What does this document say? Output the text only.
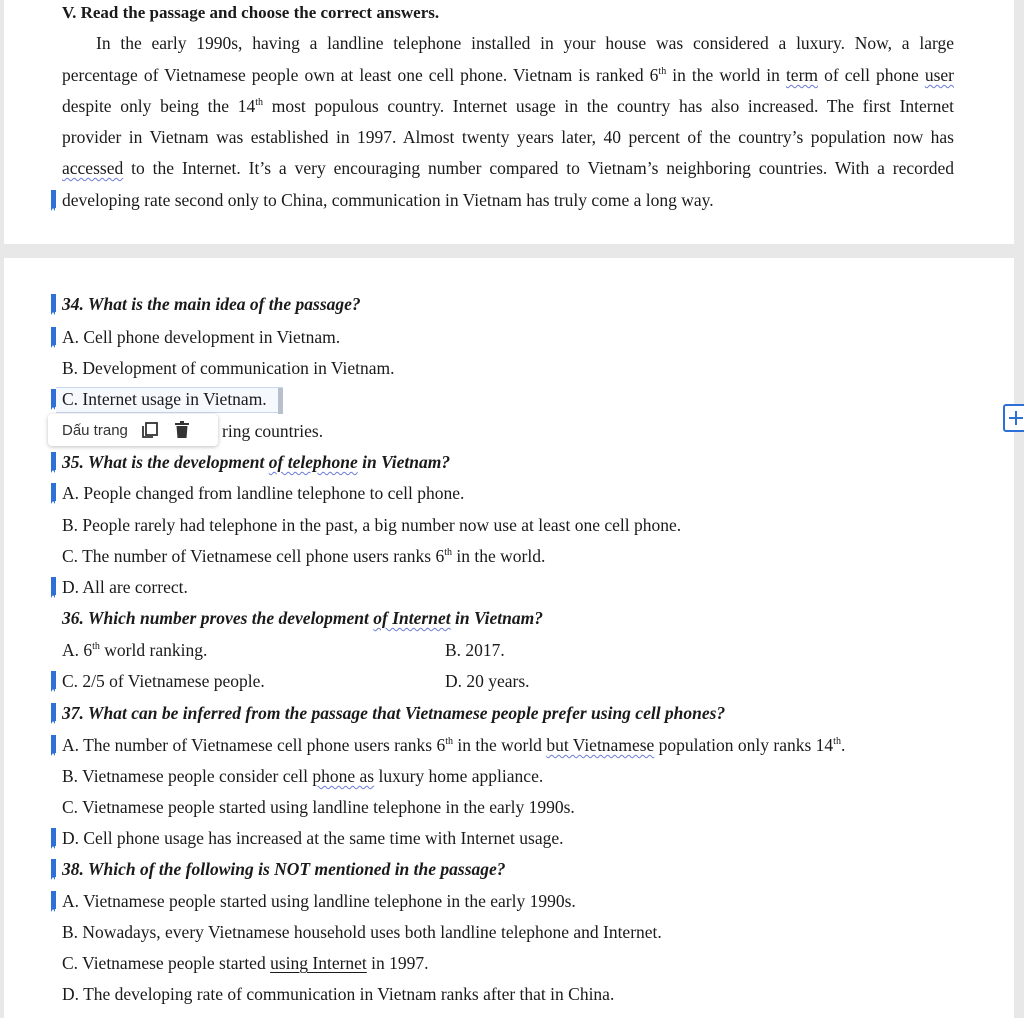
V. Read the passage and choose the correct answers.
In the early 1990s, having a landline telephone installed in your house was considered a luxury. Now, a large
percentage of Vietnamese people own at least one cell phone. Vietnam is ranked 6th in the world in term of cell phone user
despite only being the 14th most populous country. Internet usage in the country has also increased. The first Internet
provider in Vietnam was established in 1997. Almost twenty years later, 40 percent of the country’s population now has
accessed to the Internet. It’s a very encouraging number compared to Vietnam’s neighboring countries. With a recorded
developing rate second only to China, communication in Vietnam has truly come a long way.
34. What is the main idea of the passage?
A. Cell phone development in Vietnam.
B. Development of communication in Vietnam.
C. Internet usage in Vietnam.
ring countries.
Dấu trang
35. What is the development of telephone in Vietnam?
A. People changed from landline telephone to cell phone.
B. People rarely had telephone in the past, a big number now use at least one cell phone.
C. The number of Vietnamese cell phone users ranks 6th in the world.
D. All are correct.
36. Which number proves the development of Internet in Vietnam?
A. 6th world ranking.	B. 2017.
C. 2/5 of Vietnamese people.	D. 20 years.
37. What can be inferred from the passage that Vietnamese people prefer using cell phones?
A. The number of Vietnamese cell phone users ranks 6th in the world but Vietnamese population only ranks 14th.
B. Vietnamese people consider cell phone as luxury home appliance.
C. Vietnamese people started using landline telephone in the early 1990s.
D. Cell phone usage has increased at the same time with Internet usage.
38. Which of the following is NOT mentioned in the passage?
A. Vietnamese people started using landline telephone in the early 1990s.
B. Nowadays, every Vietnamese household uses both landline telephone and Internet.
C. Vietnamese people started using Internet in 1997.
D. The developing rate of communication in Vietnam ranks after that in China.
